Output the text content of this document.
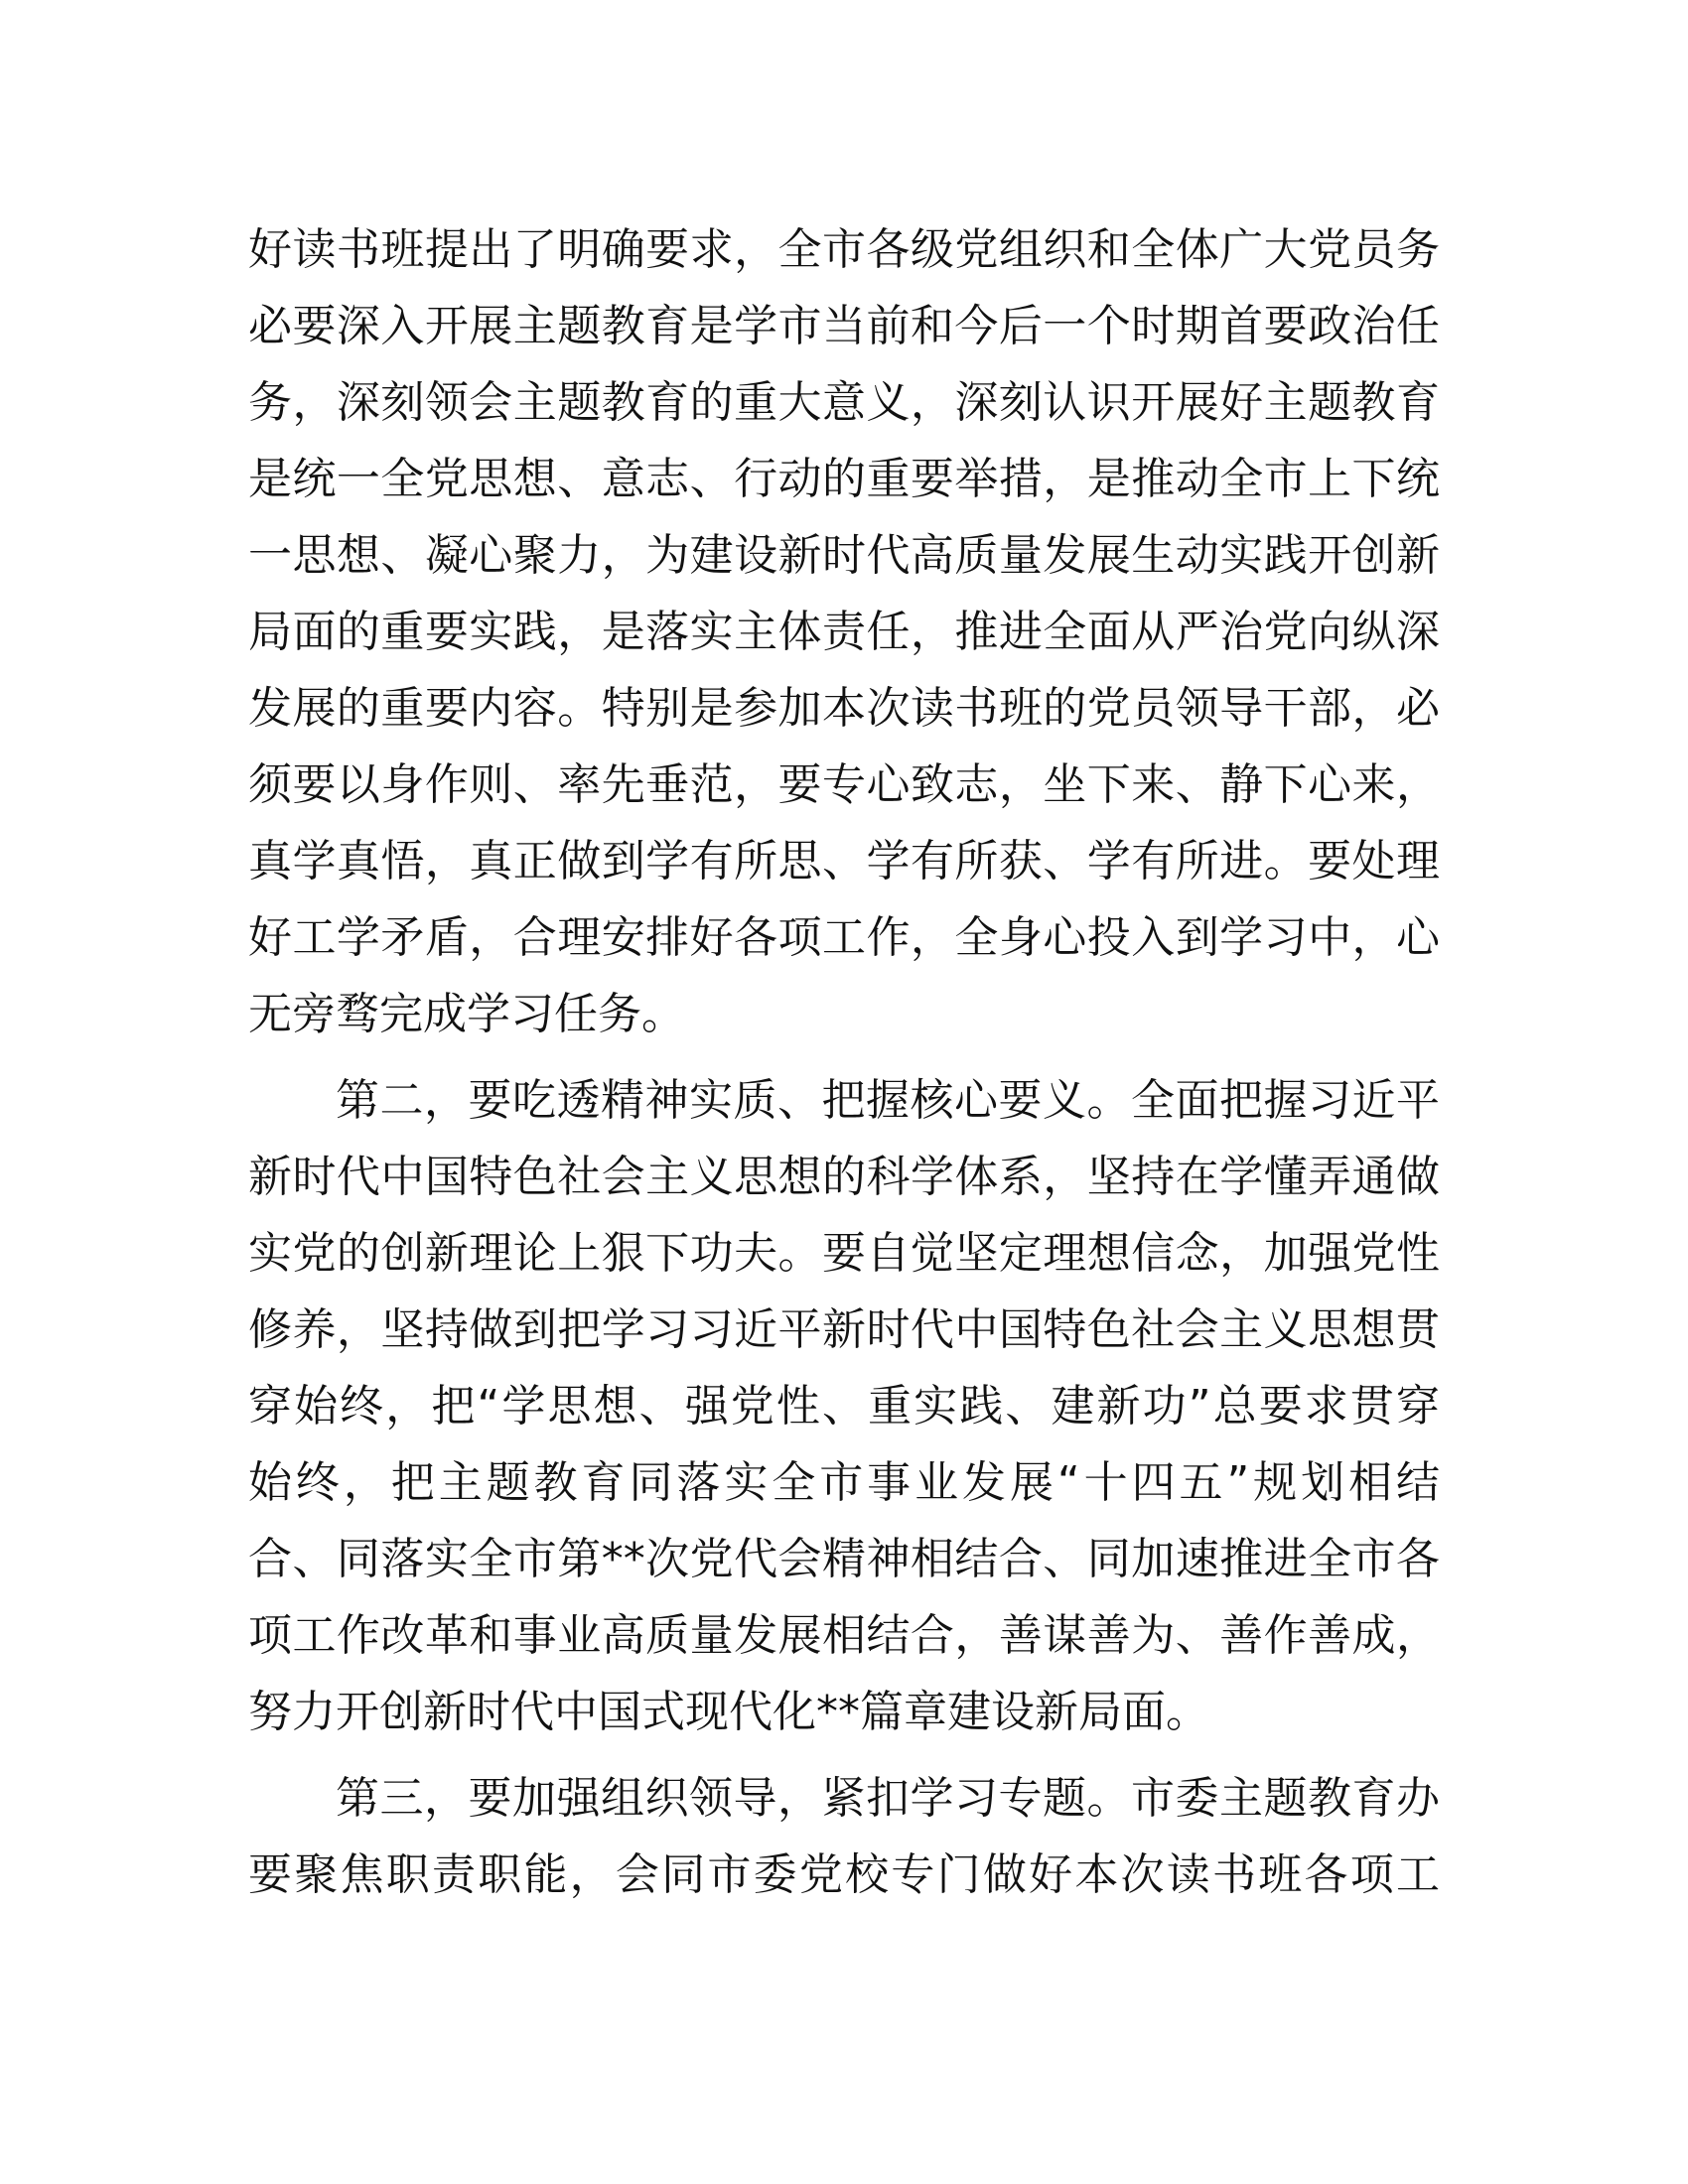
好读书班提出了明确要求，全市各级党组织和全体广大党员务
必要深入开展主题教育是学市当前和今后一个时期首要政治任
务，深刻领会主题教育的重大意义，深刻认识开展好主题教育
是统一全党思想、意志、行动的重要举措，是推动全市上下统
一思想、凝心聚力，为建设新时代高质量发展生动实践开创新
局面的重要实践，是落实主体责任，推进全面从严治党向纵深
发展的重要内容。特别是参加本次读书班的党员领导干部，必
须要以身作则、率先垂范，要专心致志，坐下来、静下心来，
真学真悟，真正做到学有所思、学有所获、学有所进。要处理
好工学矛盾，合理安排好各项工作，全身心投入到学习中，心
无旁骛完成学习任务。
第二，要吃透精神实质、把握核心要义。全面把握习近平
新时代中国特色社会主义思想的科学体系，坚持在学懂弄通做
实党的创新理论上狠下功夫。要自觉坚定理想信念，加强党性
修养，坚持做到把学习习近平新时代中国特色社会主义思想贯
穿始终，把“学思想、强党性、重实践、建新功”总要求贯穿
始终，把主题教育同落实全市事业发展“十四五”规划相结
合、同落实全市第**次党代会精神相结合、同加速推进全市各
项工作改革和事业高质量发展相结合，善谋善为、善作善成，
努力开创新时代中国式现代化**篇章建设新局面。
第三，要加强组织领导，紧扣学习专题。市委主题教育办
要聚焦职责职能，会同市委党校专门做好本次读书班各项工
